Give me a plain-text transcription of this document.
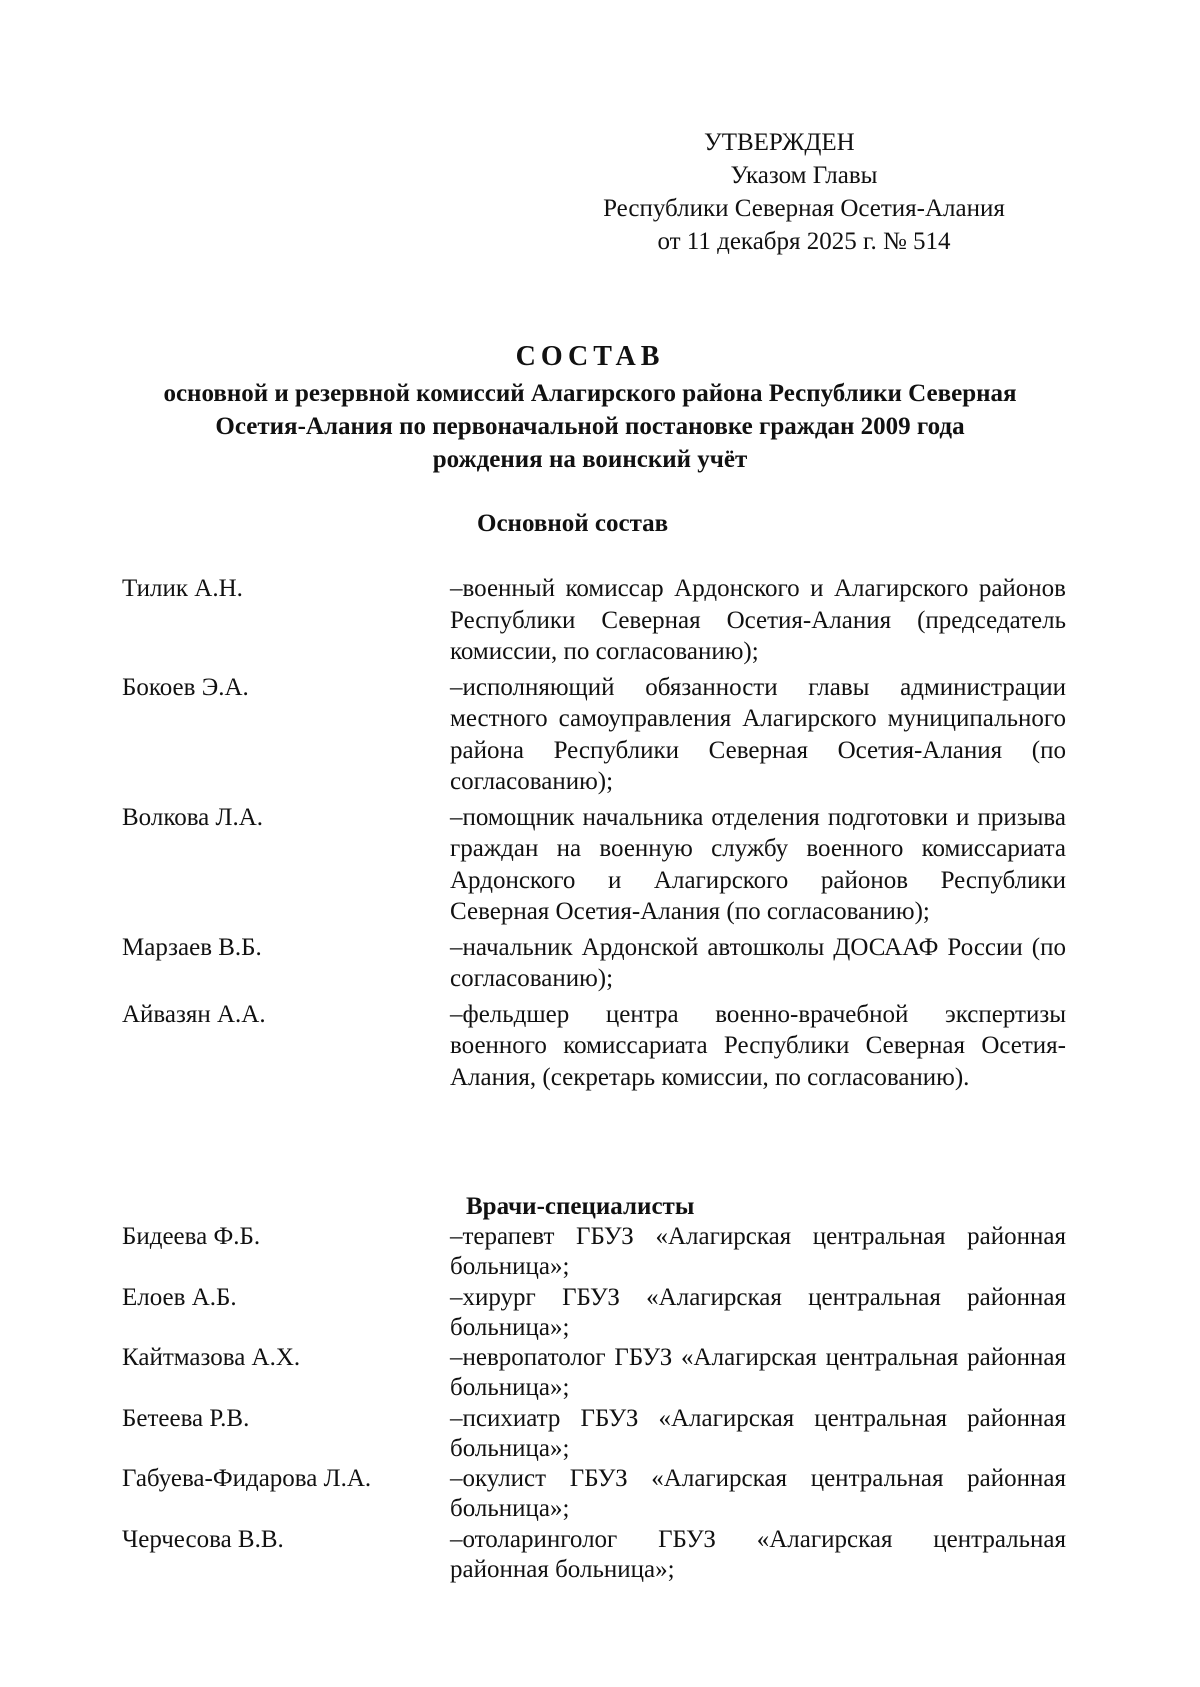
УТВЕРЖДЕН
Указом Главы
Республики Северная Осетия-Алания
от 11 декабря 2025 г. № 514
СОСТАВ
основной и резервной комиссий Алагирского района Республики Северная
Осетия-Алания по первоначальной постановке граждан 2009 года
рождения на воинский учёт
Основной состав
Тилик А.Н.	–военный комиссар Ардонского и Алагирского районов Республики Северная Осетия-Алания (председатель комиссии, по согласованию);
Бокоев Э.А.	–исполняющий обязанности главы администрации местного самоуправления Алагирского муниципального района Республики Северная Осетия-Алания (по согласованию);
Волкова Л.А.	–помощник начальника отделения подготовки и призыва граждан на военную службу военного комиссариата Ардонского и Алагирского районов Республики Северная Осетия-Алания (по согласованию);
Марзаев В.Б.	–начальник Ардонской автошколы ДОСААФ России (по согласованию);
Айвазян А.А.	–фельдшер центра военно-врачебной экспертизы военного комиссариата Республики Северная Осетия-Алания, (секретарь комиссии, по согласованию).
Врачи-специалисты
Бидеева Ф.Б.	–терапевт ГБУЗ «Алагирская центральная районная больница»;
Елоев А.Б.	–хирург ГБУЗ «Алагирская центральная районная больница»;
Кайтмазова А.Х.	–невропатолог ГБУЗ «Алагирская центральная районная больница»;
Бетеева Р.В.	–психиатр ГБУЗ «Алагирская центральная районная больница»;
Габуева-Фидарова Л.А.	–окулист ГБУЗ «Алагирская центральная районная больница»;
Черчесова В.В.	–отоларинголог ГБУЗ «Алагирская центральная районная больница»;
